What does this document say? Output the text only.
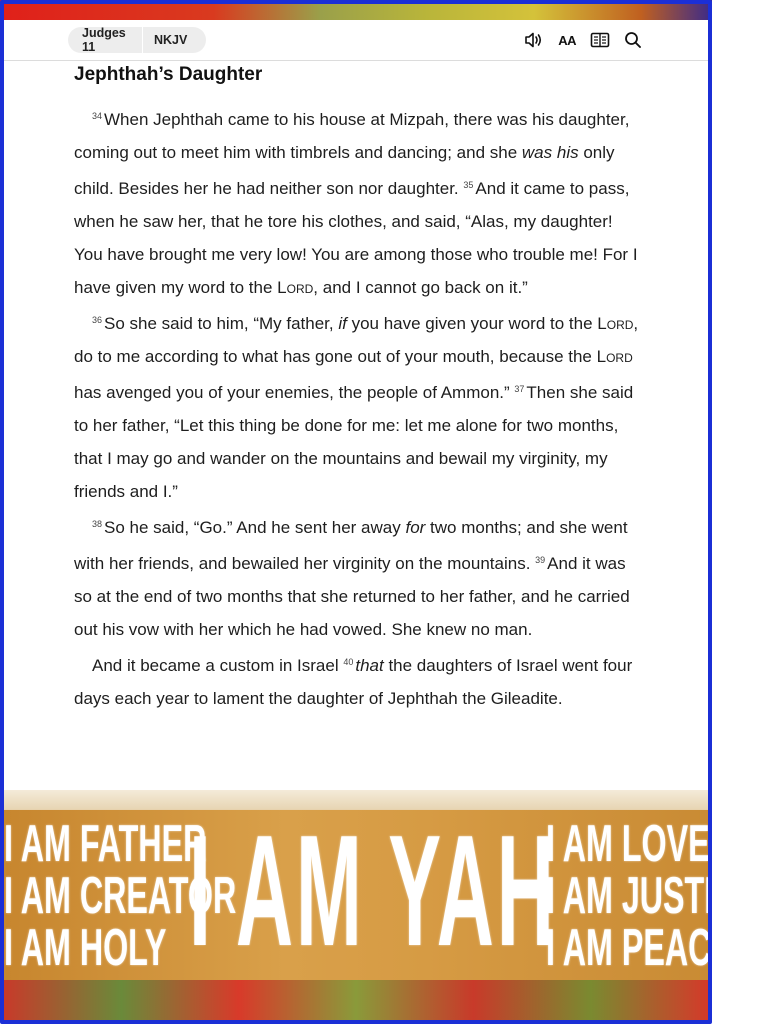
Judges 11	NKJV	AA
Jephthah’s Daughter

$^{34}$ When Jephthah came to his house at Mizpah, there was his daughter, coming out to meet him with timbrels and dancing; and she was his only child. Besides her he had neither son nor daughter. $^{35}$ And it came to pass, when he saw her, that he tore his clothes, and said, “Alas, my daughter! You have brought me very low! You are among those who trouble me! For I have given my word to the Lord, and I cannot go back on it.”

$^{36}$ So she said to him, “My father, if you have given your word to the Lord, do to me according to what has gone out of your mouth, because the Lord has avenged you of your enemies, the people of Ammon.” $^{37}$ Then she said to her father, “Let this thing be done for me: let me alone for two months, that I may go and wander on the mountains and bewail my virginity, my friends and I.”

$^{38}$ So he said, “Go.” And he sent her away for two months; and she went with her friends, and bewailed her virginity on the mountains. $^{39}$ And it was so at the end of two months that she returned to her father, and he carried out his vow with her which he had vowed. She knew no man.

And it became a custom in Israel $^{40}$ that the daughters of Israel went four days each year to lament the daughter of Jephthah the Gileadite.

I AM FATHER
I AM CREATOR
I AM HOLY I AM YAH
I AM LOVE
I AM JUSTICE
I AM PEACE...
